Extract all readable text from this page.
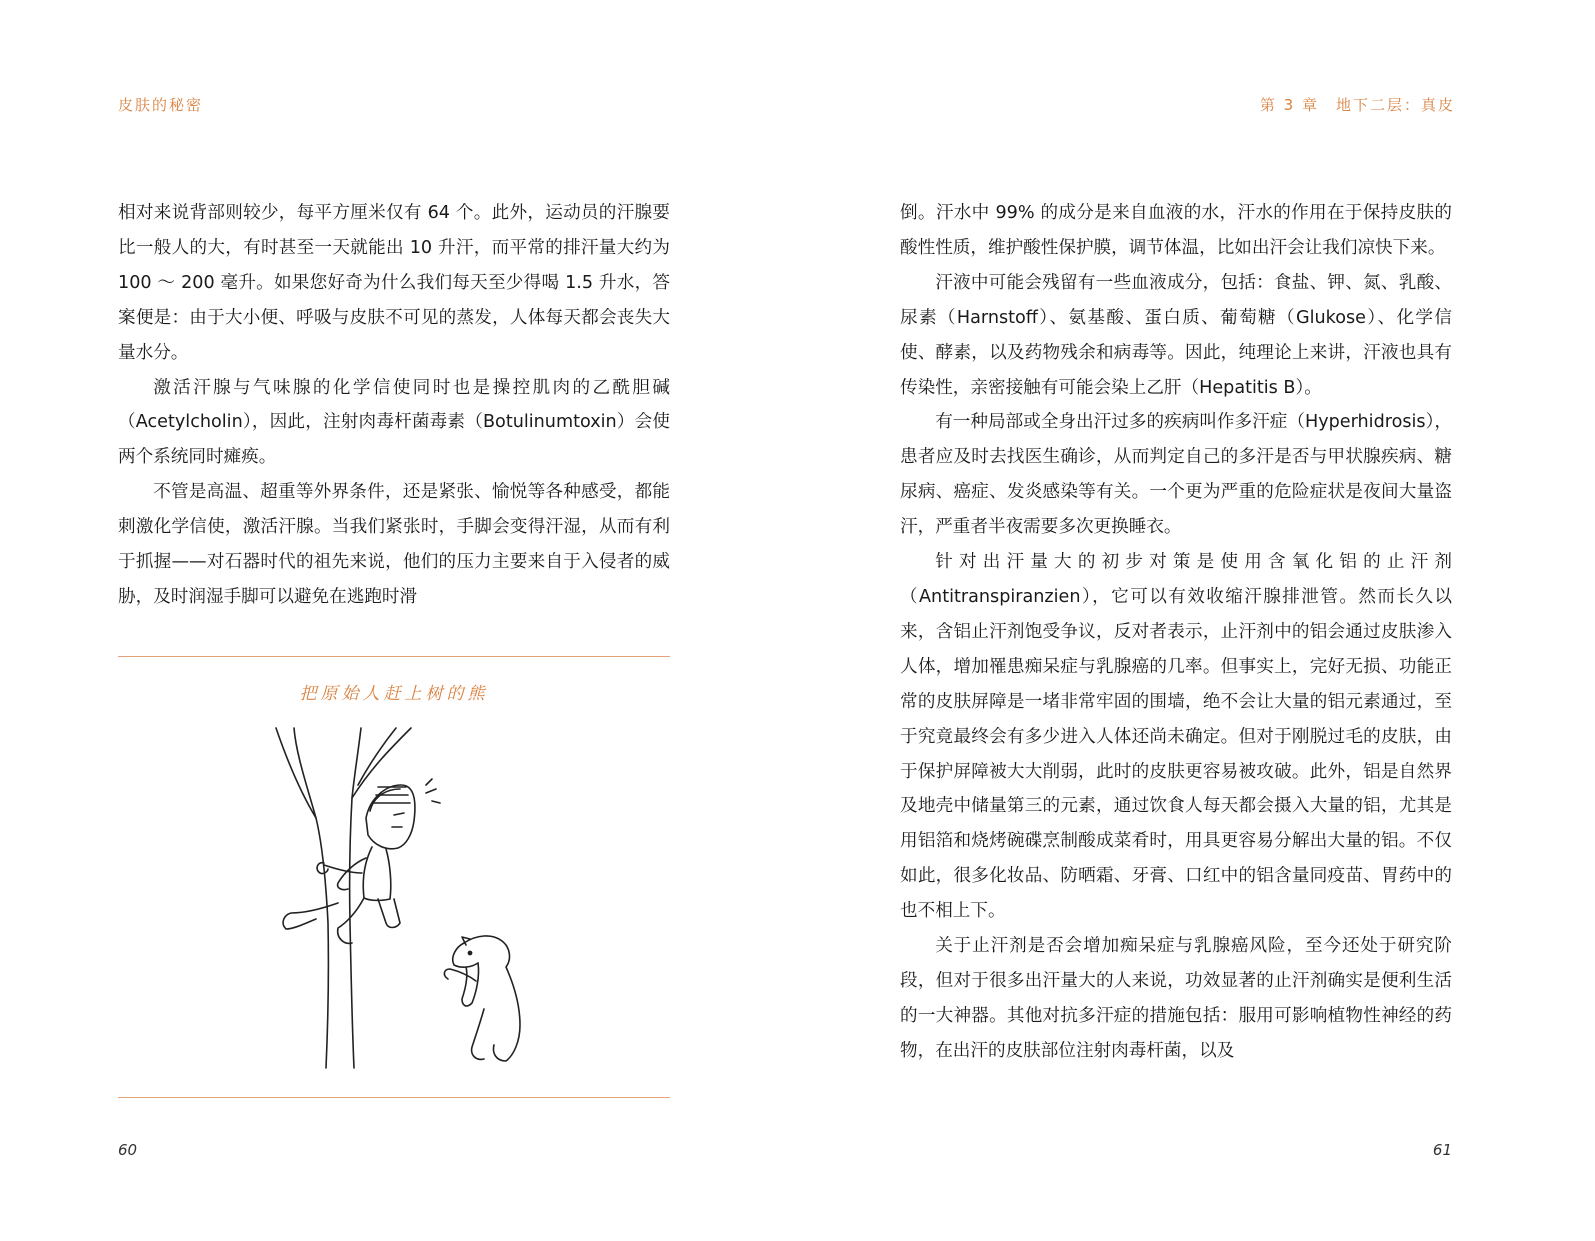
皮肤的秘密

相对来说背部则较少，每平方厘米仅有 64 个。此外，运动员的汗腺要比一般人的大，有时甚至一天就能出 10 升汗，而平常的排汗量大约为 100 ～ 200 毫升。如果您好奇为什么我们每天至少得喝 1.5 升水，答案便是：由于大小便、呼吸与皮肤不可见的蒸发，人体每天都会丧失大量水分。

激活汗腺与气味腺的化学信使同时也是操控肌肉的乙酰胆碱（Acetylcholin），因此，注射肉毒杆菌毒素（Botulinumtoxin）会使两个系统同时瘫痪。

不管是高温、超重等外界条件，还是紧张、愉悦等各种感受，都能刺激化学信使，激活汗腺。当我们紧张时，手脚会变得汗湿，从而有利于抓握——对石器时代的祖先来说，他们的压力主要来自于入侵者的威胁，及时润湿手脚可以避免在逃跑时滑

把原始人赶上树的熊
60
第 3 章　地下二层：真皮

倒。汗水中 99% 的成分是来自血液的水，汗水的作用在于保持皮肤的酸性性质，维护酸性保护膜，调节体温，比如出汗会让我们凉快下来。

汗液中可能会残留有一些血液成分，包括：食盐、钾、氮、乳酸、尿素（Harnstoff）、氨基酸、蛋白质、葡萄糖（Glukose）、化学信使、酵素，以及药物残余和病毒等。因此，纯理论上来讲，汗液也具有传染性，亲密接触有可能会染上乙肝（Hepatitis B）。

有一种局部或全身出汗过多的疾病叫作多汗症（Hyperhidrosis），患者应及时去找医生确诊，从而判定自己的多汗是否与甲状腺疾病、糖尿病、癌症、发炎感染等有关。一个更为严重的危险症状是夜间大量盗汗，严重者半夜需要多次更换睡衣。

针对出汗量大的初步对策是使用含氧化铝的止汗剂（Antitranspiranzien），它可以有效收缩汗腺排泄管。然而长久以来，含铝止汗剂饱受争议，反对者表示，止汗剂中的铝会通过皮肤渗入人体，增加罹患痴呆症与乳腺癌的几率。但事实上，完好无损、功能正常的皮肤屏障是一堵非常牢固的围墙，绝不会让大量的铝元素通过，至于究竟最终会有多少进入人体还尚未确定。但对于刚脱过毛的皮肤，由于保护屏障被大大削弱，此时的皮肤更容易被攻破。此外，铝是自然界及地壳中储量第三的元素，通过饮食人每天都会摄入大量的铝，尤其是用铝箔和烧烤碗碟烹制酸成菜肴时，用具更容易分解出大量的铝。不仅如此，很多化妆品、防晒霜、牙膏、口红中的铝含量同疫苗、胃药中的也不相上下。

关于止汗剂是否会增加痴呆症与乳腺癌风险，至今还处于研究阶段，但对于很多出汗量大的人来说，功效显著的止汗剂确实是便利生活的一大神器。其他对抗多汗症的措施包括：服用可影响植物性神经的药物，在出汗的皮肤部位注射肉毒杆菌，以及

61
